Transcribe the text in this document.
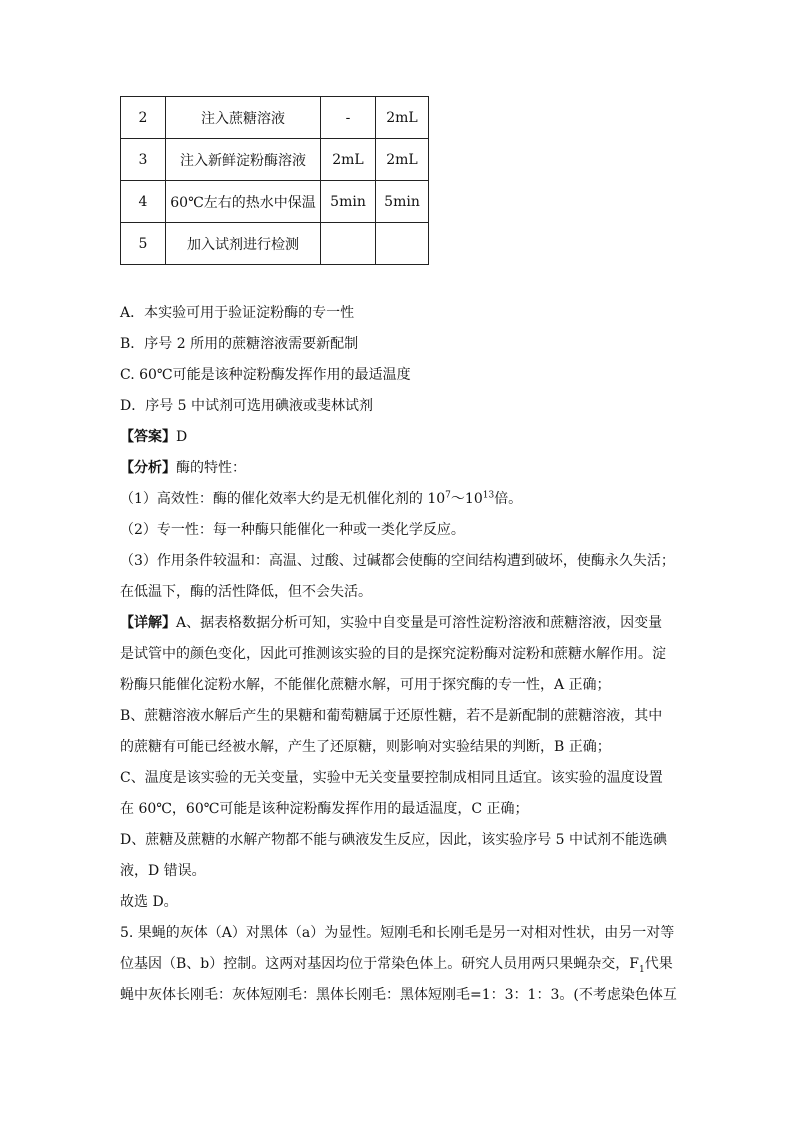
2	注入蔗糖溶液	-	2mL
3	注入新鲜淀粉酶溶液	2mL	2mL
4	60℃左右的热水中保温	5min	5min
5	加入试剂进行检测		
A．本实验可用于验证淀粉酶的专一性
B．序号 2 所用的蔗糖溶液需要新配制
C. 60℃可能是该种淀粉酶发挥作用的最适温度
D．序号 5 中试剂可选用碘液或斐林试剂
【答案】D
【分析】酶的特性：
（1）高效性：酶的催化效率大约是无机催化剂的 $10^7\sim 10^{13}$倍。
（2）专一性：每一种酶只能催化一种或一类化学反应。
（3）作用条件较温和：高温、过酸、过碱都会使酶的空间结构遭到破坏，使酶永久失活；
在低温下，酶的活性降低，但不会失活。
【详解】A、据表格数据分析可知，实验中自变量是可溶性淀粉溶液和蔗糖溶液，因变量
是试管中的颜色变化，因此可推测该实验的目的是探究淀粉酶对淀粉和蔗糖水解作用。淀
粉酶只能催化淀粉水解，不能催化蔗糖水解，可用于探究酶的专一性，A 正确；
B、蔗糖溶液水解后产生的果糖和葡萄糖属于还原性糖，若不是新配制的蔗糖溶液，其中
的蔗糖有可能已经被水解，产生了还原糖，则影响对实验结果的判断，B 正确；
C、温度是该实验的无关变量，实验中无关变量要控制成相同且适宜。该实验的温度设置
在 60℃，60℃可能是该种淀粉酶发挥作用的最适温度，C 正确；
D、蔗糖及蔗糖的水解产物都不能与碘液发生反应，因此，该实验序号 5 中试剂不能选碘
液，D 错误。
故选 D。
5. 果蝇的灰体（A）对黑体（a）为显性。短刚毛和长刚毛是另一对相对性状，由另一对等
位基因（B、b）控制。这两对基因均位于常染色体上。研究人员用两只果蝇杂交，$F_1$代果
蝇中灰体长刚毛：灰体短刚毛：黑体长刚毛：黑体短刚毛=1：3：1：3。(不考虑染色体互
